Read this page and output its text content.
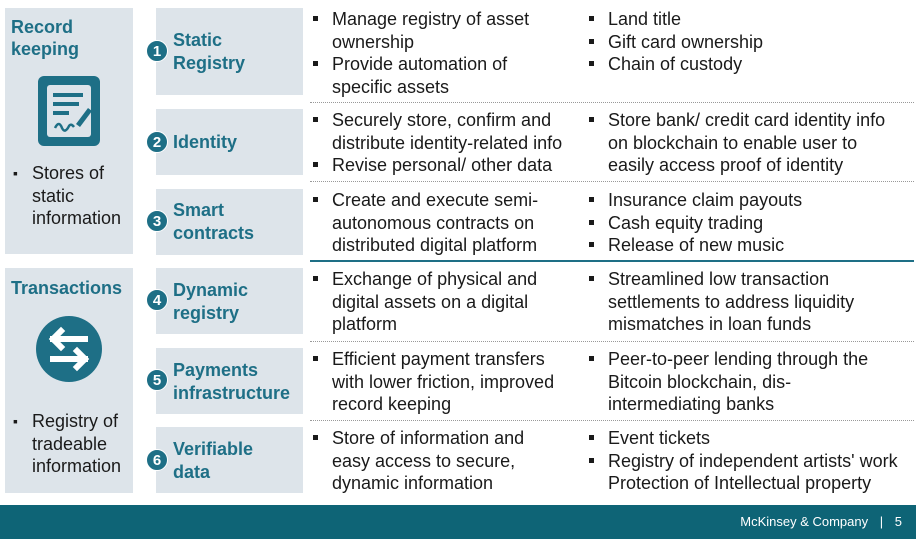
Record
keeping
▪ Stores of
static
information
Transactions
▪ Registry of
tradeable
information
1
Static
Registry
2 Identity
3
Smart
contracts
4
Dynamic
registry
5
Payments
infrastructure
6
Verifiable
data
Manage registry of asset
ownership
Provide automation of
specific assets
Land title
Gift card ownership
Chain of custody
Securely store, confirm and
distribute identity-related info
Revise personal/ other data
Store bank/ credit card identity info
on blockchain to enable user to
easily access proof of identity
Create and execute semi-
autonomous contracts on
distributed digital platform
Insurance claim payouts
Cash equity trading
Release of new music
Exchange of physical and
digital assets on a digital
platform
Streamlined low transaction
settlements to address liquidity
mismatches in loan funds
Efficient payment transfers
with lower friction, improved
record keeping
Peer-to-peer lending through the
Bitcoin blockchain, dis-
intermediating banks
Store of information and
easy access to secure,
dynamic information
Event tickets
Registry of independent artists' work
Protection of Intellectual property
McKinsey & Company | 5
